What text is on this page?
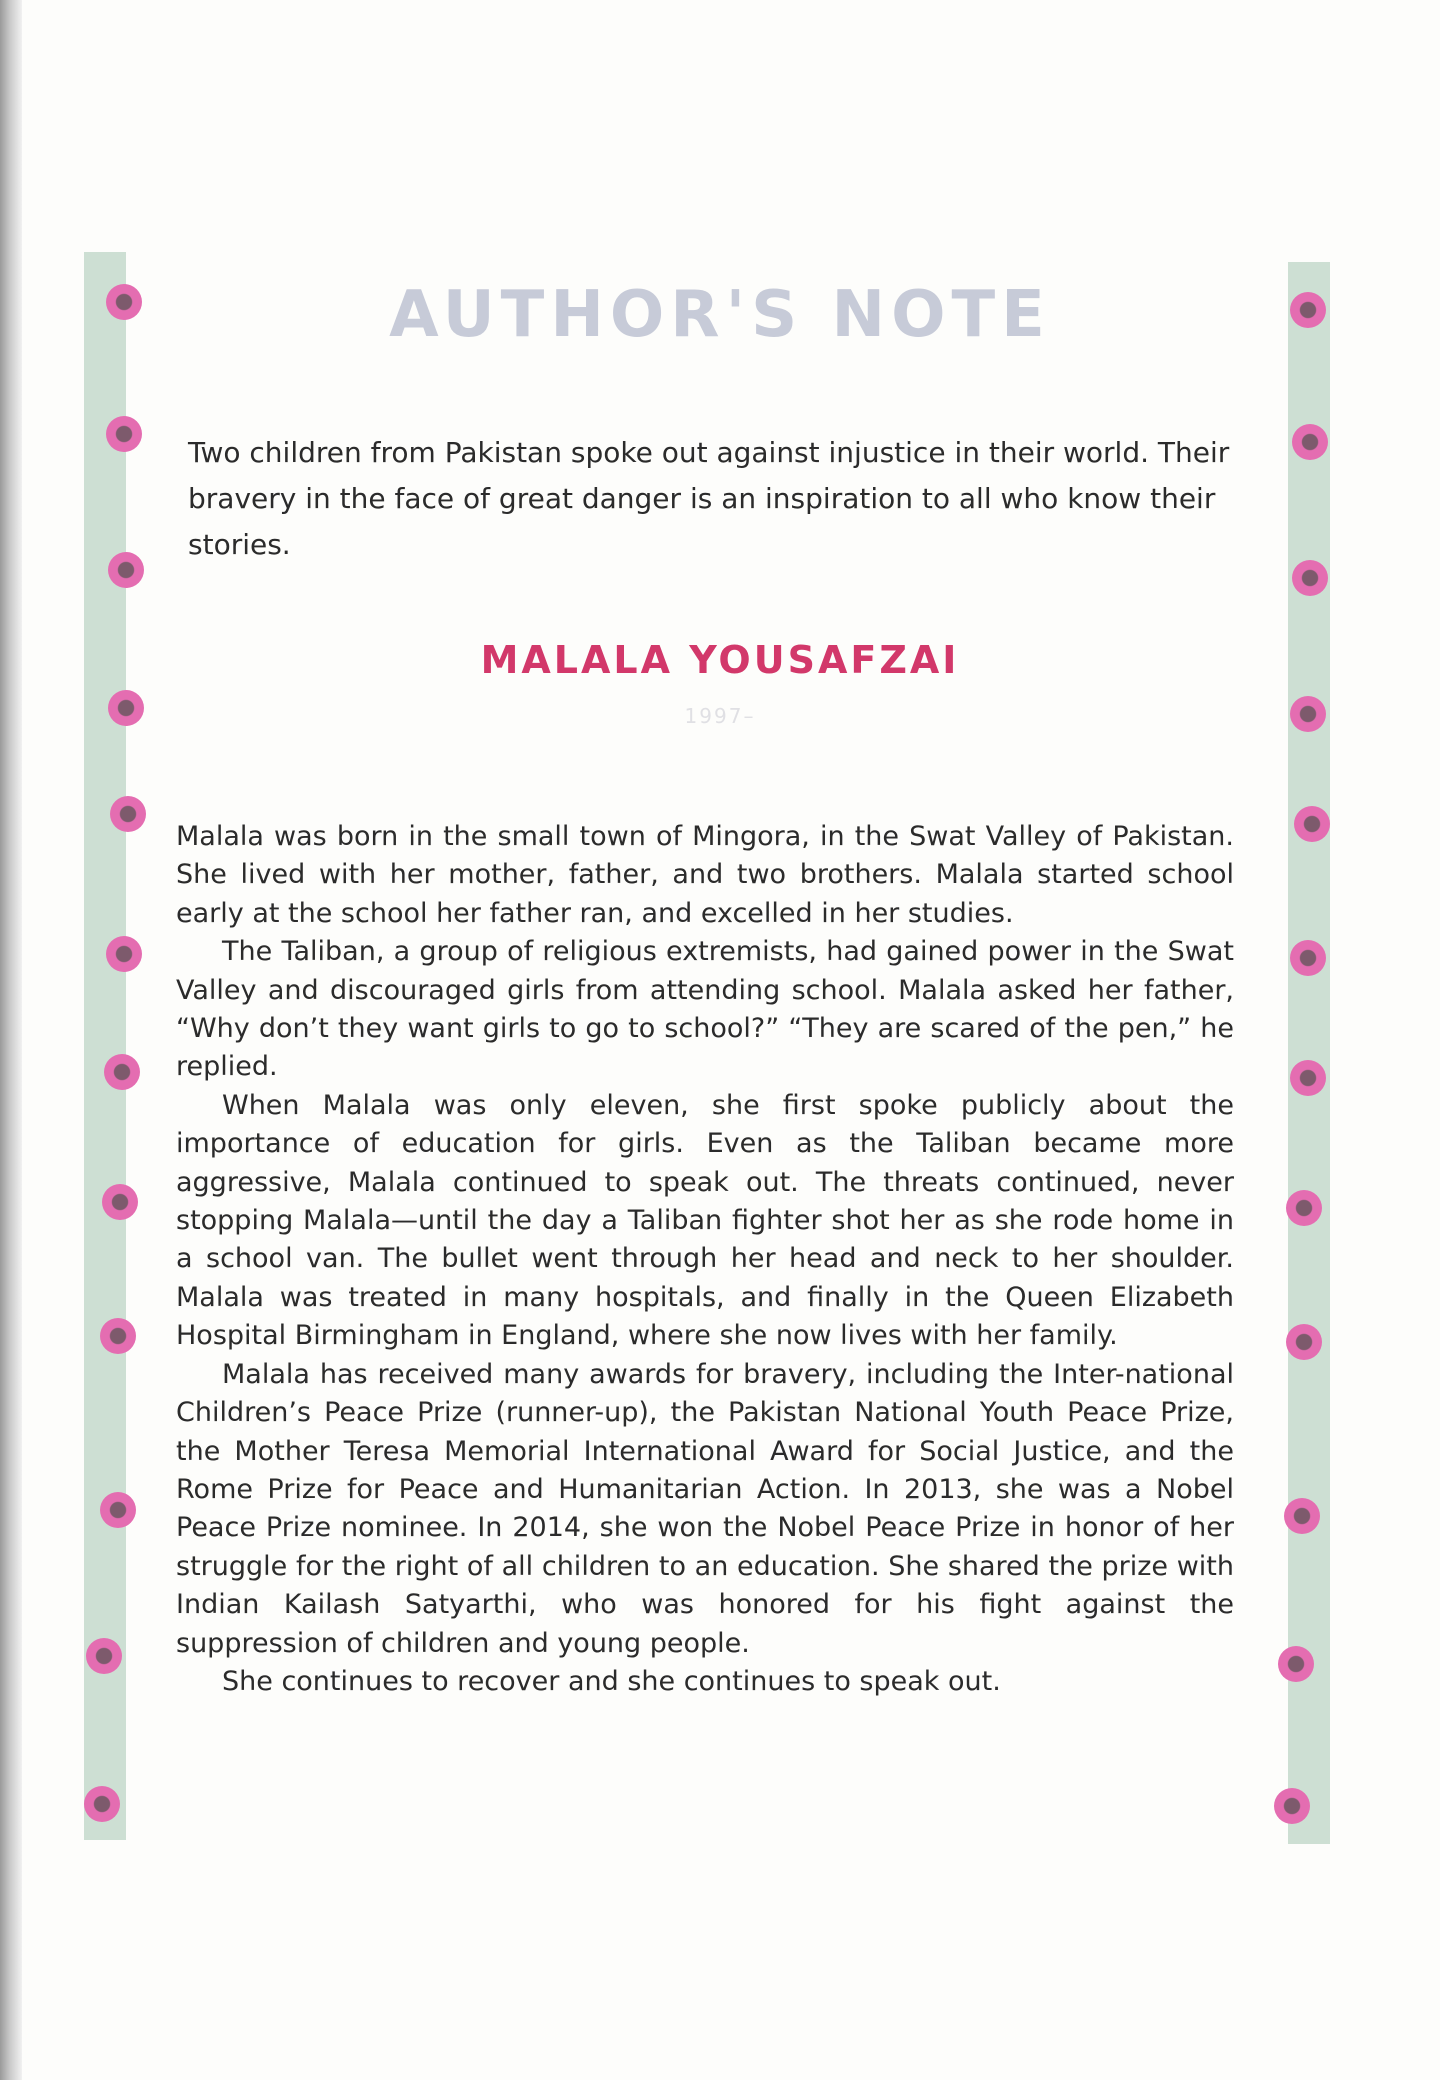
AUTHOR'S NOTE

Two children from Pakistan spoke out against injustice in their world. Their bravery in the face of great danger is an inspiration to all who know their stories.

MALALA YOUSAFZAI
1997–

Malala was born in the small town of Mingora, in the Swat Valley of Pakistan. She lived with her mother, father, and two brothers. Malala started school early at the school her father ran, and excelled in her studies.

The Taliban, a group of religious extremists, had gained power in the Swat Valley and discouraged girls from attending school. Malala asked her father, “Why don’t they want girls to go to school?” “They are scared of the pen,” he replied.

When Malala was only eleven, she first spoke publicly about the importance of education for girls. Even as the Taliban became more aggressive, Malala continued to speak out. The threats continued, never stopping Malala—until the day a Taliban fighter shot her as she rode home in a school van. The bullet went through her head and neck to her shoulder. Malala was treated in many hospitals, and finally in the Queen Elizabeth Hospital Birmingham in England, where she now lives with her family.

Malala has received many awards for bravery, including the Inter-national Children’s Peace Prize (runner-up), the Pakistan National Youth Peace Prize, the Mother Teresa Memorial International Award for Social Justice, and the Rome Prize for Peace and Humanitarian Action. In 2013, she was a Nobel Peace Prize nominee. In 2014, she won the Nobel Peace Prize in honor of her struggle for the right of all children to an education. She shared the prize with Indian Kailash Satyarthi, who was honored for his fight against the suppression of children and young people.

She continues to recover and she continues to speak out.
